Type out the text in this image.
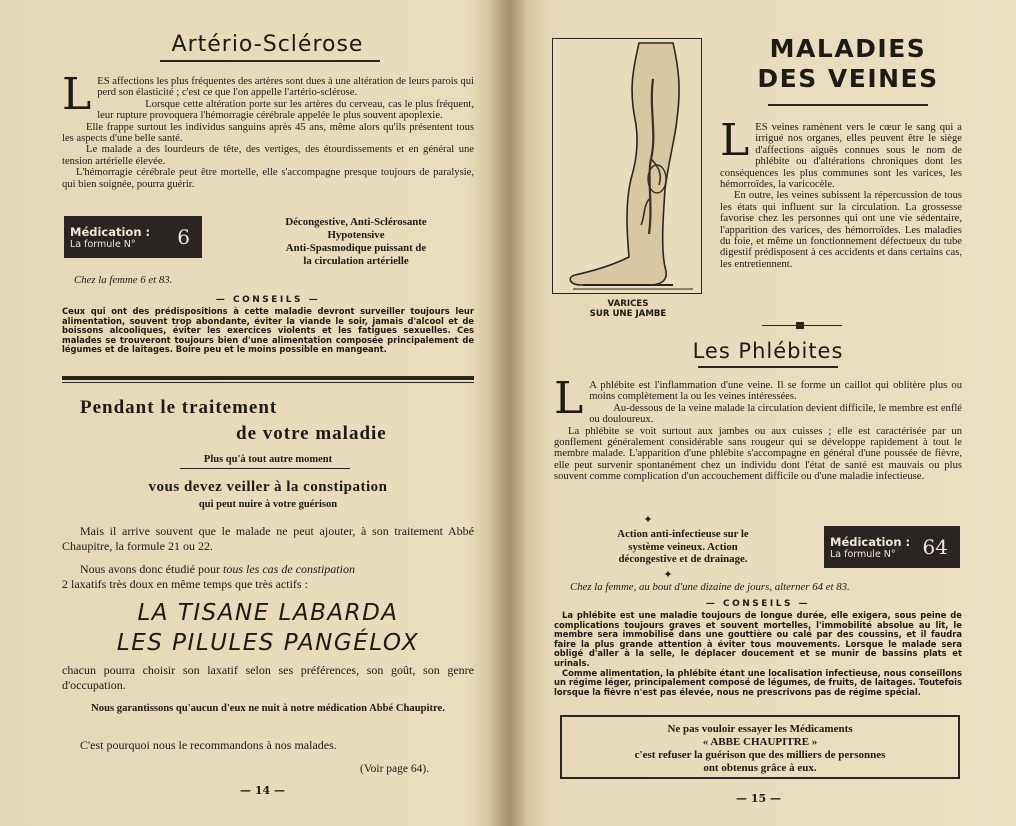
Artério-Sclérose
L ES affections les plus fréquentes des artères sont dues à une altération de leurs parois qui perd son élasticité ; c'est ce que l'on appelle l'artério-sclérose.

Lorsque cette altération porte sur les artères du cerveau, cas le plus fréquent, leur rupture provoquera l'hémorragie cérébrale appelée le plus souvent apoplexie.

Elle frappe surtout les individus sanguins après 45 ans, même alors qu'ils présentent tous les aspects d'une belle santé.

Le malade a des lourdeurs de tête, des vertiges, des étourdissements et en général une tension artérielle élevée.

L'hémorragie cérébrale peut être mortelle, elle s'accompagne presque toujours de paralysie, qui bien soignée, pourra guérir.

Médication :
La formule N°	6
Décongestive, Anti-Sclérosante
Hypotensive
Anti-Spasmodique puissant de
la circulation artérielle
Chez la femme 6 et 83.
— CONSEILS —

Ceux qui ont des prédispositions à cette maladie devront surveiller toujours leur alimentation, souvent trop abondante, éviter la viande le soir, jamais d'alcool et de boissons alcooliques, éviter les exercices violents et les fatigues sexuelles. Ces malades se trouveront toujours bien d'une alimentation composée principalement de légumes et de laitages. Boire peu et le moins possible en mangeant.

Pendant le traitement
de votre maladie
Plus qu'à tout autre moment
vous devez veiller à la constipation
qui peut nuire à votre guérison

Mais il arrive souvent que le malade ne peut ajouter, à son traitement Abbé Chaupitre, la formule 21 ou 22.

Nous avons donc étudié pour tous les cas de constipation
2 laxatifs très doux en même temps que très actifs :
LA TISANE LABARDA
LES PILULES PANGÉLOX

chacun pourra choisir son laxatif selon ses préférences, son goût, son genre d'occupation.

Nous garantissons qu'aucun d'eux ne nuit à notre médication Abbé Chaupitre.

C'est pourquoi nous le recommandons à nos malades.
(Voir page 64).
— 14 —
VARICES
SUR UNE JAMBE
MALADIES
DES VEINES
L ES veines ramènent vers le cœur le sang qui a irrigué nos organes, elles peuvent être le siège d'affections aiguës connues sous le nom de phlébite ou d'altérations chroniques dont les conséquences les plus communes sont les varices, les hémorroïdes, la varicocèle.

En outre, les veines subissent la répercussion de tous les états qui influent sur la circulation. La grossesse favorise chez les personnes qui ont une vie sédentaire, l'apparition des varices, des hémorroïdes. Les maladies du foie, et même un fonctionnement défectueux du tube digestif prédisposent à ces accidents et dans certains cas, les entretiennent.

Les Phlébites
L A phlébite est l'inflammation d'une veine. Il se forme un caillot qui oblitère plus ou moins complètement la ou les veines intéressées.

Au-dessous de la veine malade la circulation devient difficile, le membre est enflé ou douloureux.

La phlébite se voit surtout aux jambes ou aux cuisses ; elle est caractérisée par un gonflement généralement considérable sans rougeur qui se développe rapidement à tout le membre malade. L'apparition d'une phlébite s'accompagne en général d'une poussée de fièvre, elle peut survenir spontanément chez un individu dont l'état de santé est mauvais ou plus souvent comme complication d'un accouchement difficile ou d'une maladie infectieuse.

✦
Action anti-infectieuse sur le
système veineux. Action
décongestive et de drainage.
Médication :
La formule N°	64
✦
Chez la femme, au bout d'une dizaine de jours, alterner 64 et 83.
— CONSEILS —

La phlébite est une maladie toujours de longue durée, elle exigera, sous peine de complications toujours graves et souvent mortelles, l'immobilité absolue au lit, le membre sera immobilisé dans une gouttière ou calé par des coussins, et il faudra faire la plus grande attention à éviter tous mouvements. Lorsque le malade sera obligé d'aller à la selle, le déplacer doucement et se munir de bassins plats et urinals.

Comme alimentation, la phlébite étant une localisation infectieuse, nous conseillons un régime léger, principalement composé de légumes, de fruits, de laitages. Toutefois lorsque la fièvre n'est pas élevée, nous ne prescrivons pas de régime spécial.

Ne pas vouloir essayer les Médicaments
« ABBE CHAUPITRE »
c'est refuser la guérison que des milliers de personnes
ont obtenus grâce à eux.
— 15 —
